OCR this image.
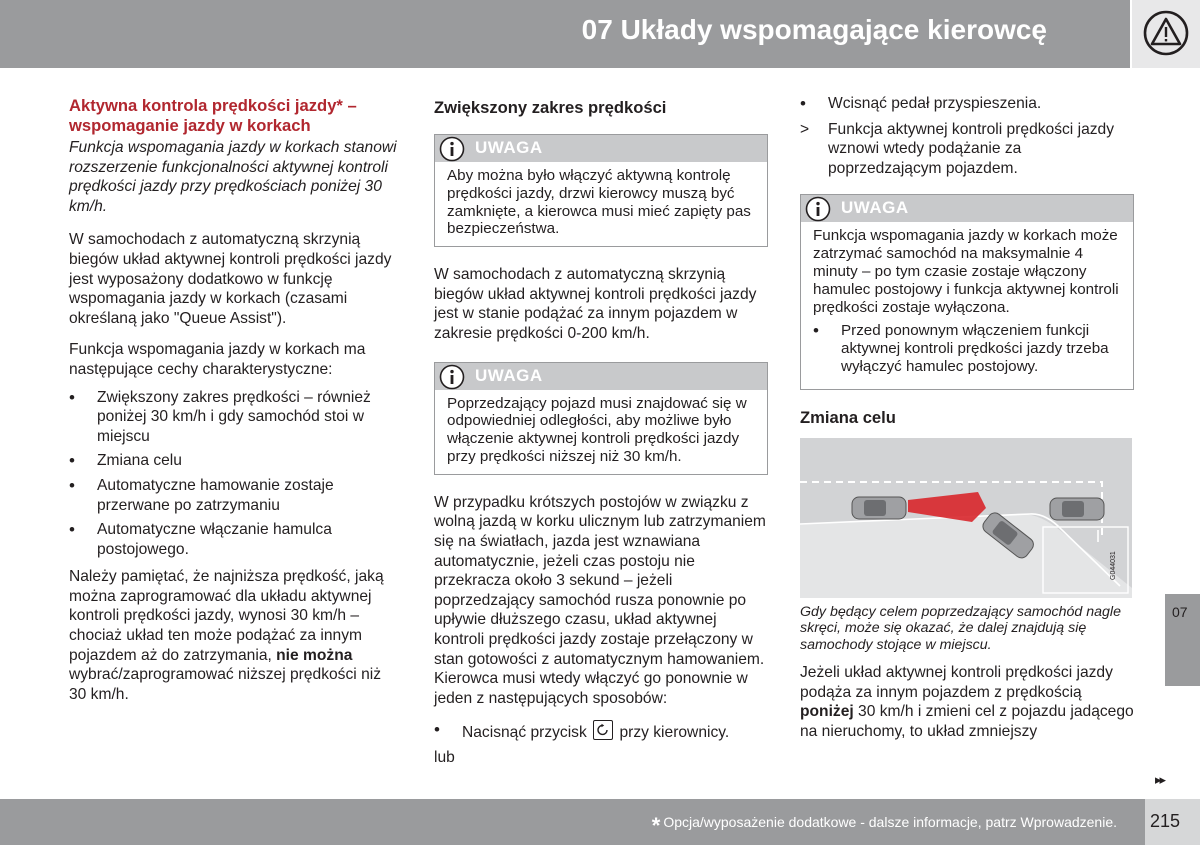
07 Układy wspomagające kierowcę
Aktywna kontrola prędkości jazdy* – wspomaganie jazdy w korkach
Funkcja wspomagania jazdy w korkach stanowi rozszerzenie funkcjonalności aktywnej kontroli prędkości jazdy przy prędkościach poniżej 30 km/h.

W samochodach z automatyczną skrzynią biegów układ aktywnej kontroli prędkości jazdy jest wyposażony dodatkowo w funkcję wspomagania jazdy w korkach (czasami określaną jako "Queue Assist").

Funkcja wspomagania jazdy w korkach ma następujące cechy charakterystyczne:

• Zwiększony zakres prędkości – również poniżej 30 km/h i gdy samochód stoi w miejscu
• Zmiana celu
• Automatyczne hamowanie zostaje przerwane po zatrzymaniu
• Automatyczne włączanie hamulca postojowego.

Należy pamiętać, że najniższa prędkość, jaką można zaprogramować dla układu aktywnej kontroli prędkości jazdy, wynosi 30 km/h – chociaż układ ten może podążać za innym pojazdem aż do zatrzymania, nie można wybrać/zaprogramować niższej prędkości niż 30 km/h.

Zwiększony zakres prędkości
UWAGA
Aby można było włączyć aktywną kontrolę prędkości jazdy, drzwi kierowcy muszą być zamknięte, a kierowca musi mieć zapięty pas bezpieczeństwa.

W samochodach z automatyczną skrzynią biegów układ aktywnej kontroli prędkości jazdy jest w stanie podążać za innym pojazdem w zakresie prędkości 0-200 km/h.

UWAGA
Poprzedzający pojazd musi znajdować się w odpowiedniej odległości, aby możliwe było włączenie aktywnej kontroli prędkości jazdy przy prędkości niższej niż 30 km/h.

W przypadku krótszych postojów w związku z wolną jazdą w korku ulicznym lub zatrzymaniem się na światłach, jazda jest wznawiana automatycznie, jeżeli czas postoju nie przekracza około 3 sekund – jeżeli poprzedzający samochód rusza ponownie po upływie dłuższego czasu, układ aktywnej kontroli prędkości jazdy zostaje przełączony w stan gotowości z automatycznym hamowaniem. Kierowca musi wtedy włączyć go ponownie w jeden z następujących sposobów:

• Nacisnąć przycisk przy kierownicy.
lub
• Wcisnąć pedał przyspieszenia.
> Funkcja aktywnej kontroli prędkości jazdy wznowi wtedy podążanie za poprzedzającym pojazdem.
UWAGA
Funkcja wspomagania jazdy w korkach może zatrzymać samochód na maksymalnie 4 minuty – po tym czasie zostaje włączony hamulec postojowy i funkcja aktywnej kontroli prędkości zostaje wyłączona.
• Przed ponownym włączeniem funkcji aktywnej kontroli prędkości jazdy trzeba wyłączyć hamulec postojowy.
Zmiana celu
G044031
Gdy będący celem poprzedzający samochód nagle skręci, może się okazać, że dalej znajdują się samochody stojące w miejscu.

Jeżeli układ aktywnej kontroli prędkości jazdy podąża za innym pojazdem z prędkością poniżej 30 km/h i zmieni cel z pojazdu jadącego na nieruchomy, to układ zmniejszy

07
▸▸
* Opcja/wyposażenie dodatkowe - dalsze informacje, patrz Wprowadzenie. 215
